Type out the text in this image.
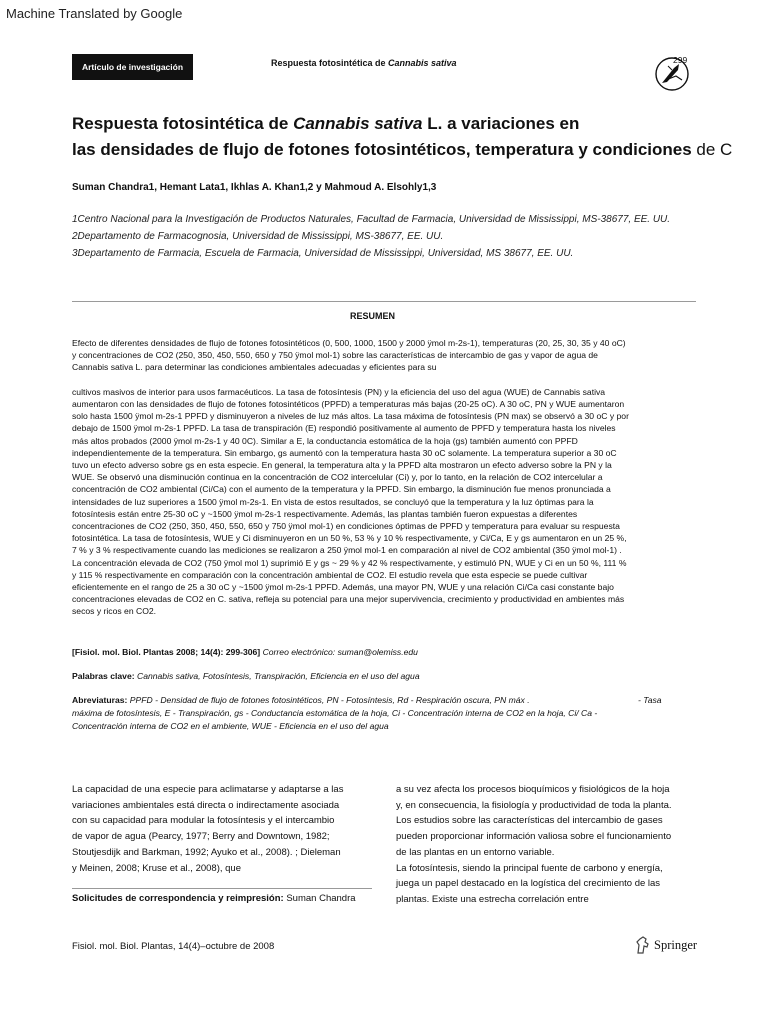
Machine Translated by Google
Artículo de investigación	Respuesta fotosintética de Cannabis sativa	299
Respuesta fotosintética de Cannabis sativa L. a variaciones en
las densidades de flujo de fotones fotosintéticos, temperatura y condiciones de C
Suman Chandra1, Hemant Lata1, Ikhlas A. Khan1,2 y Mahmoud A. Elsohly1,3
1Centro Nacional para la Investigación de Productos Naturales, Facultad de Farmacia, Universidad de Mississippi, MS-38677, EE. UU.
2Departamento de Farmacognosia, Universidad de Mississippi, MS-38677, EE. UU.
3Departamento de Farmacia, Escuela de Farmacia, Universidad de Mississippi, Universidad, MS 38677, EE. UU.
RESUMEN
Efecto de diferentes densidades de flujo de fotones fotosintéticos (0, 500, 1000, 1500 y 2000 ÿmol m-2s-1), temperaturas (20, 25, 30, 35 y 40 oC)
y concentraciones de CO2 (250, 350, 450, 550, 650 y 750 ÿmol mol-1) sobre las características de intercambio de gas y vapor de agua de
Cannabis sativa L. para determinar las condiciones ambientales adecuadas y eficientes para su
cultivos masivos de interior para usos farmacéuticos. La tasa de fotosíntesis (PN) y la eficiencia del uso del agua (WUE) de Cannabis sativa
aumentaron con las densidades de flujo de fotones fotosintéticos (PPFD) a temperaturas más bajas (20-25 oC). A 30 oC, PN y WUE aumentaron
solo hasta 1500 ÿmol m-2s-1 PPFD y disminuyeron a niveles de luz más altos. La tasa máxima de fotosíntesis (PN max) se observó a 30 oC y por
debajo de 1500 ÿmol m-2s-1 PPFD. La tasa de transpiración (E) respondió positivamente al aumento de PPFD y temperatura hasta los niveles
más altos probados (2000 ÿmol m-2s-1 y 40 0C). Similar a E, la conductancia estomática de la hoja (gs) también aumentó con PPFD
independientemente de la temperatura. Sin embargo, gs aumentó con la temperatura hasta 30 oC solamente. La temperatura superior a 30 oC
tuvo un efecto adverso sobre gs en esta especie. En general, la temperatura alta y la PPFD alta mostraron un efecto adverso sobre la PN y la
WUE. Se observó una disminución continua en la concentración de CO2 intercelular (Ci) y, por lo tanto, en la relación de CO2 intercelular a
concentración de CO2 ambiental (Ci/Ca) con el aumento de la temperatura y la PPFD. Sin embargo, la disminución fue menos pronunciada a
intensidades de luz superiores a 1500 ÿmol m-2s-1. En vista de estos resultados, se concluyó que la temperatura y la luz óptimas para la
fotosíntesis están entre 25-30 oC y ~1500 ÿmol m-2s-1 respectivamente. Además, las plantas también fueron expuestas a diferentes
concentraciones de CO2 (250, 350, 450, 550, 650 y 750 ÿmol mol-1) en condiciones óptimas de PPFD y temperatura para evaluar su respuesta
fotosintética. La tasa de fotosíntesis, WUE y Ci disminuyeron en un 50 %, 53 % y 10 % respectivamente, y Ci/Ca, E y gs aumentaron en un 25 %,
7 % y 3 % respectivamente cuando las mediciones se realizaron a 250 ÿmol mol-1 en comparación al nivel de CO2 ambiental (350 ÿmol mol-1) .
La concentración elevada de CO2 (750 ÿmol mol 1) suprimió E y gs ~ 29 % y 42 % respectivamente, y estimuló PN, WUE y Ci en un 50 %, 111 %
y 115 % respectivamente en comparación con la concentración ambiental de CO2. El estudio revela que esta especie se puede cultivar
eficientemente en el rango de 25 a 30 oC y ~1500 ÿmol m-2s-1 PPFD. Además, una mayor PN, WUE y una relación Ci/Ca casi constante bajo
concentraciones elevadas de CO2 en C. sativa, refleja su potencial para una mejor supervivencia, crecimiento y productividad en ambientes más
secos y ricos en CO2.
[Fisiol. mol. Biol. Plantas 2008; 14(4): 299-306] Correo electrónico: suman@olemiss.edu
Palabras clave: Cannabis sativa, Fotosíntesis, Transpiración, Eficiencia en el uso del agua
Abreviaturas: PPFD - Densidad de flujo de fotones fotosintéticos, PN - Fotosíntesis, Rd - Respiración oscura, PN máx .	- Tasa
máxima de fotosíntesis, E - Transpiración, gs - Conductancia estomática de la hoja, Ci - Concentración interna de CO2 en la hoja, Ci/ Ca -
Concentración interna de CO2 en el ambiente, WUE - Eficiencia en el uso del agua
La capacidad de una especie para aclimatarse y adaptarse a las
variaciones ambientales está directa o indirectamente asociada
con su capacidad para modular la fotosíntesis y el intercambio
de vapor de agua (Pearcy, 1977; Berry and Downtown, 1982;
Stoutjesdijk and Barkman, 1992; Ayuko et al., 2008). ; Dieleman
y Meinen, 2008; Kruse et al., 2008), que
Solicitudes de correspondencia y reimpresión: Suman Chandra
a su vez afecta los procesos bioquímicos y fisiológicos de la hoja
y, en consecuencia, la fisiología y productividad de toda la planta.
Los estudios sobre las características del intercambio de gases
pueden proporcionar información valiosa sobre el funcionamiento
de las plantas en un entorno variable.
La fotosíntesis, siendo la principal fuente de carbono y energía,
juega un papel destacado en la logística del crecimiento de las
plantas. Existe una estrecha correlación entre
Fisiol. mol. Biol. Plantas, 14(4)–octubre de 2008	Springer
